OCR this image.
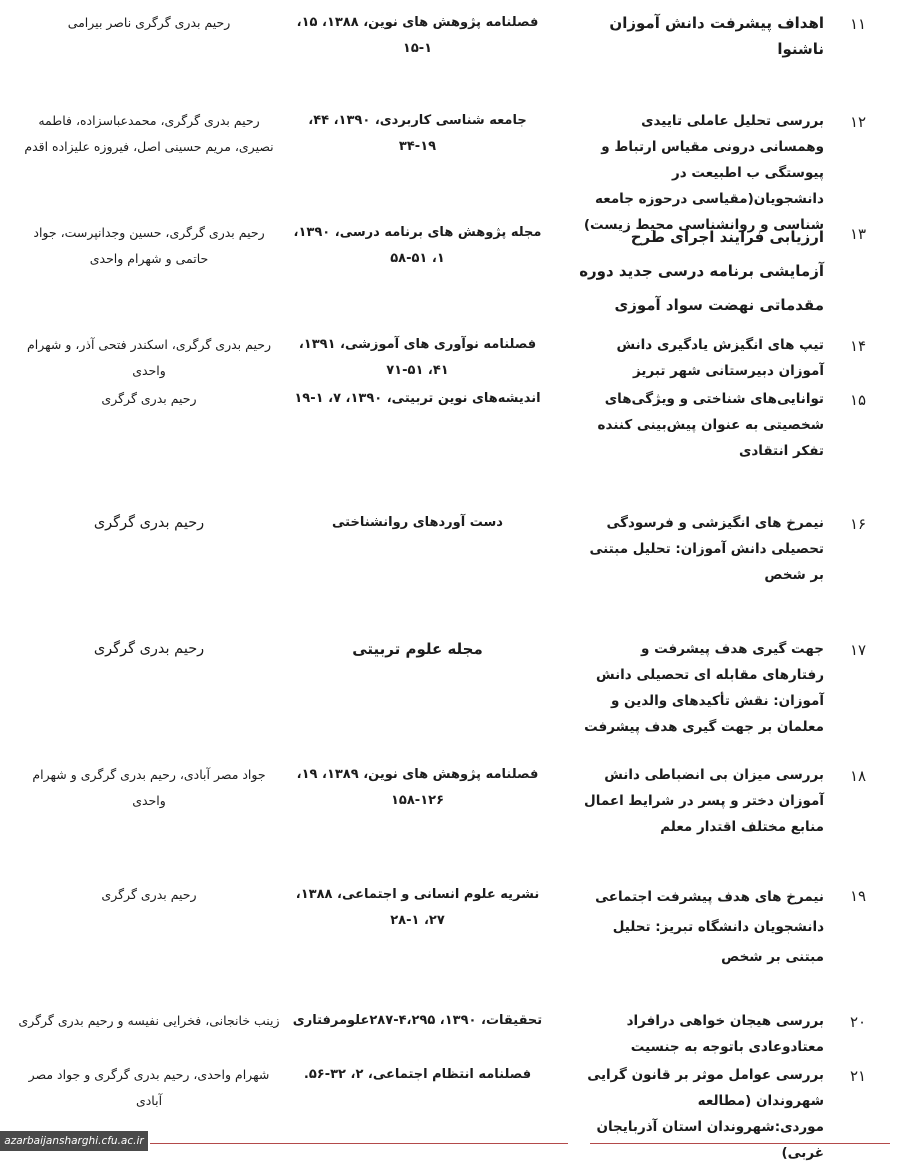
۱۱
اهداف پیشرفت دانش آموزان ناشنوا
فصلنامه پژوهش های نوین، ۱۳۸۸، ۱۵، ۱-۱۵
رحیم بدری گرگری ناصر بیرامی
۱۲
بررسی تحلیل عاملی تاییدی وهمسانی درونی مقیاس ارتباط و پیوستگی ب اطبیعت در دانشجویان(مقیاسی درحوزه جامعه شناسی و روانشناسی محیط زیست)
جامعه شناسی کاربردی، ۱۳۹۰، ۴۴، ۱۹-۳۴
رحیم بدری گرگری، محمدعباسزاده، فاطمه نصیری، مریم حسینی اصل، فیروزه علیزاده اقدم
۱۳
ارزیابی فرایند اجرای طرح آزمایشی برنامه درسی جدید دوره مقدماتی نهضت سواد آموزی
مجله پژوهش های برنامه درسی، ۱۳۹۰، ۱، ۵۱-۵۸
رحیم بدری گرگری، حسین وجدانپرست، جواد حاتمی و شهرام واحدی
۱۴
تیپ های انگیزش یادگیری دانش آموزان دبیرستانی شهر تبریز
فصلنامه نوآوری های آموزشی، ۱۳۹۱، ۴۱، ۵۱-۷۱
رحیم بدری گرگری، اسکندر فتحی آذر، و شهرام واحدی
۱۵
توانایی‌های شناختی و ویژگی‌های شخصیتی به عنوان پیش‌بینی کننده تفکر انتقادی
اندیشه‌های نوین تربیتی، ۱۳۹۰، ۷، ۱-۱۹
رحیم بدری گرگری
۱۶
نیمرخ های انگیزشی و فرسودگی تحصیلی دانش آموزان: تحلیل مبتنی بر شخص
دست آوردهای روانشناختی
رحیم بدری گرگری
۱۷
جهت گیری هدف پیشرفت و رفتارهای مقابله ای تحصیلی دانش آموزان: نقش تأکیدهای والدین و معلمان بر جهت گیری هدف پیشرفت
مجله علوم تربیتی
رحیم بدری گرگری
۱۸
بررسی میزان بی انضباطی دانش آموزان دختر و پسر در شرایط اعمال منابع مختلف اقتدار معلم
فصلنامه پژوهش های نوین، ۱۳۸۹، ۱۹، ۱۲۶-۱۵۸
جواد مصر آبادی، رحیم بدری گرگری و شهرام واحدی
۱۹
نیمرخ های هدف پیشرفت اجتماعی دانشجویان دانشگاه تبریز: تحلیل مبتنی بر شخص
نشریه علوم انسانی و اجتماعی، ۱۳۸۸، ۲۷، ۱-۲۸
رحیم بدری گرگری
۲۰
بررسی هیجان خواهی درافراد معتادوعادی باتوجه به جنسیت
تحقیقات، ۱۳۹۰، ۴،۲۹۵-۲۸۷علومرفتاری
زینب خانجانی، فخرایی نفیسه و رحیم بدری گرگری
۲۱
بررسی عوامل موثر بر قانون گرایی شهروندان (مطالعه موردی:شهروندان استان آذربایجان غربی)
فصلنامه انتظام اجتماعی، ۲، ۳۲-۵۶.
شهرام واحدی، رحیم بدری گرگری و جواد مصر آبادی
azarbaijansharghi.cfu.ac.ir
